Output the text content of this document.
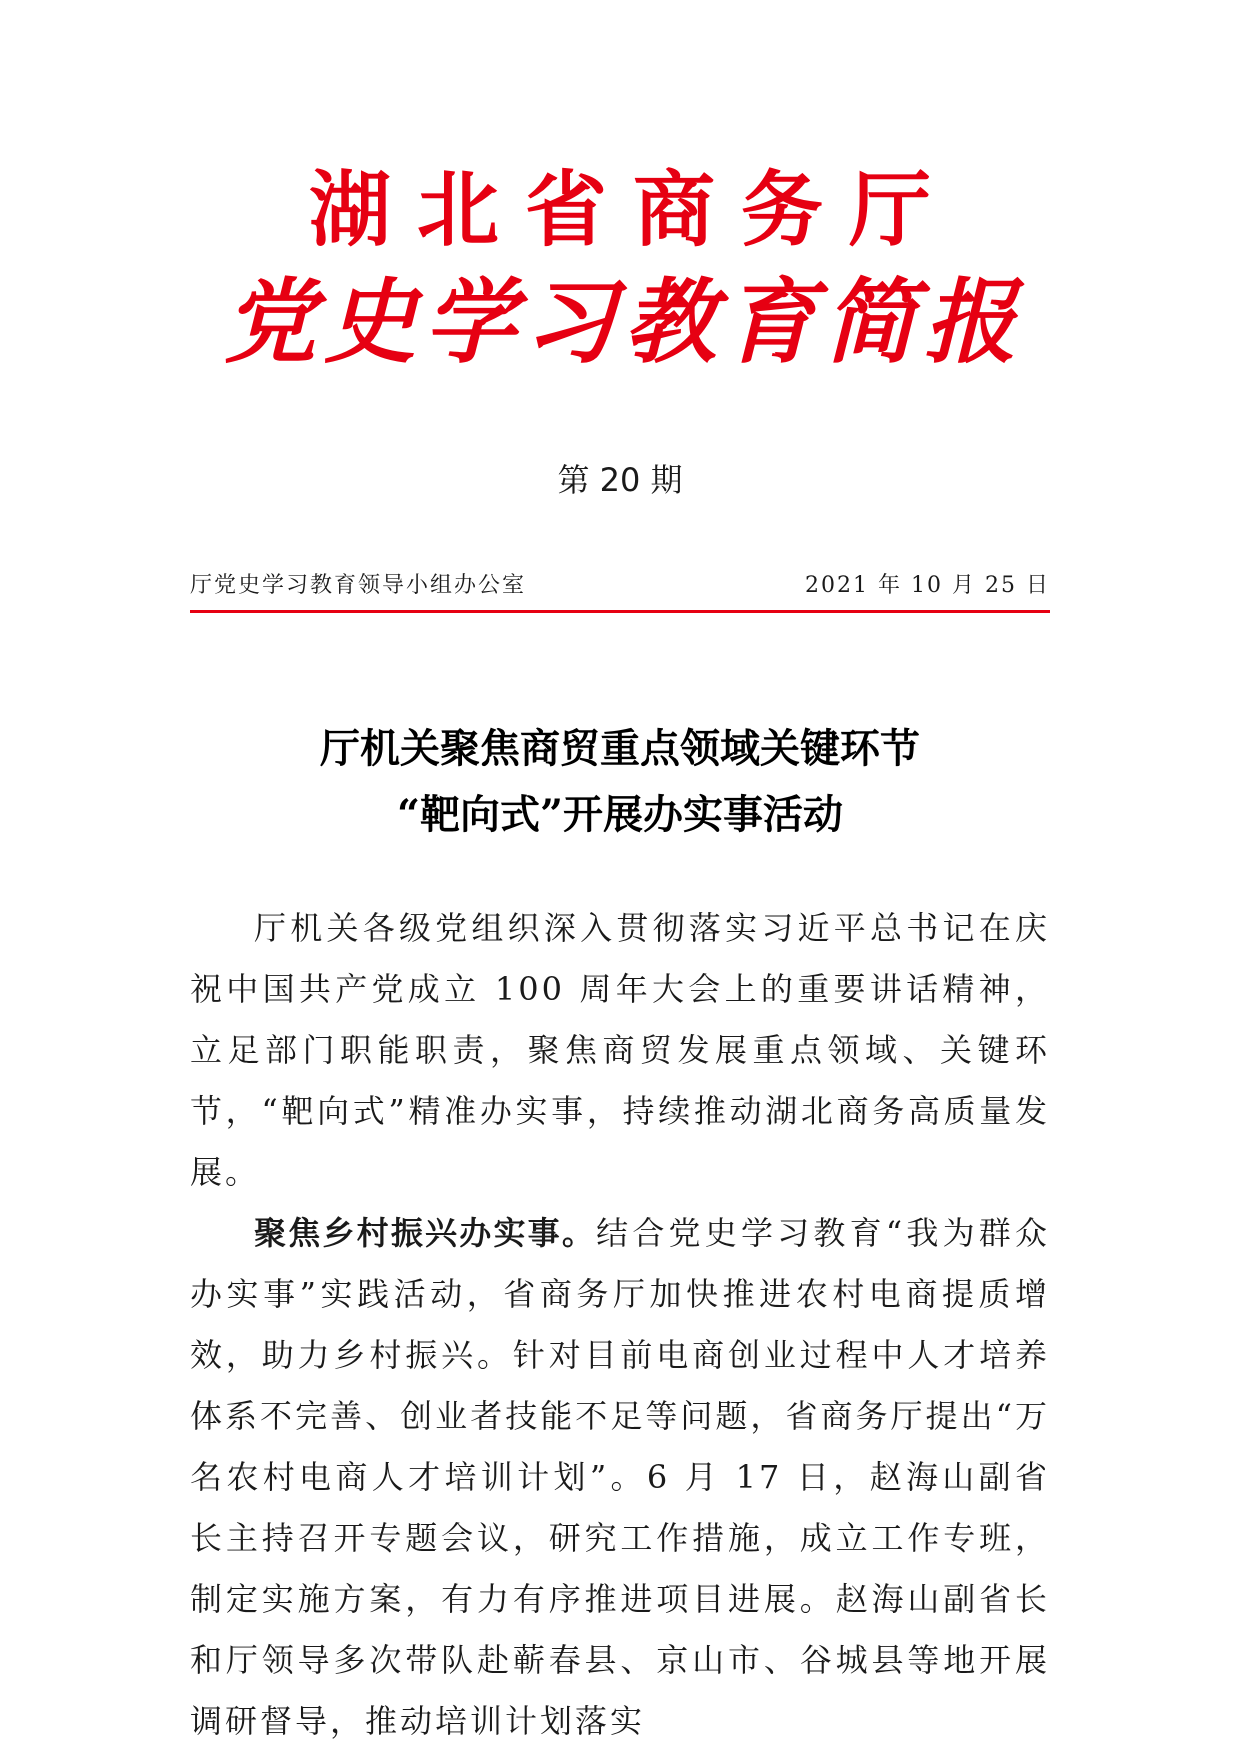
湖北省商务厅
党史学习教育简报
第 20 期
厅党史学习教育领导小组办公室	2021 年 10 月 25 日
厅机关聚焦商贸重点领域关键环节
“靶向式”开展办实事活动

厅机关各级党组织深入贯彻落实习近平总书记在庆祝中国共产党成立 100 周年大会上的重要讲话精神，立足部门职能职责，聚焦商贸发展重点领域、关键环节，“靶向式”精准办实事，持续推动湖北商务高质量发展。

聚焦乡村振兴办实事。结合党史学习教育“我为群众办实事”实践活动，省商务厅加快推进农村电商提质增效，助力乡村振兴。针对目前电商创业过程中人才培养体系不完善、创业者技能不足等问题，省商务厅提出“万名农村电商人才培训计划”。6 月 17 日，赵海山副省长主持召开专题会议，研究工作措施，成立工作专班，制定实施方案，有力有序推进项目进展。赵海山副省长和厅领导多次带队赴蕲春县、京山市、谷城县等地开展调研督导，推动培训计划落实
